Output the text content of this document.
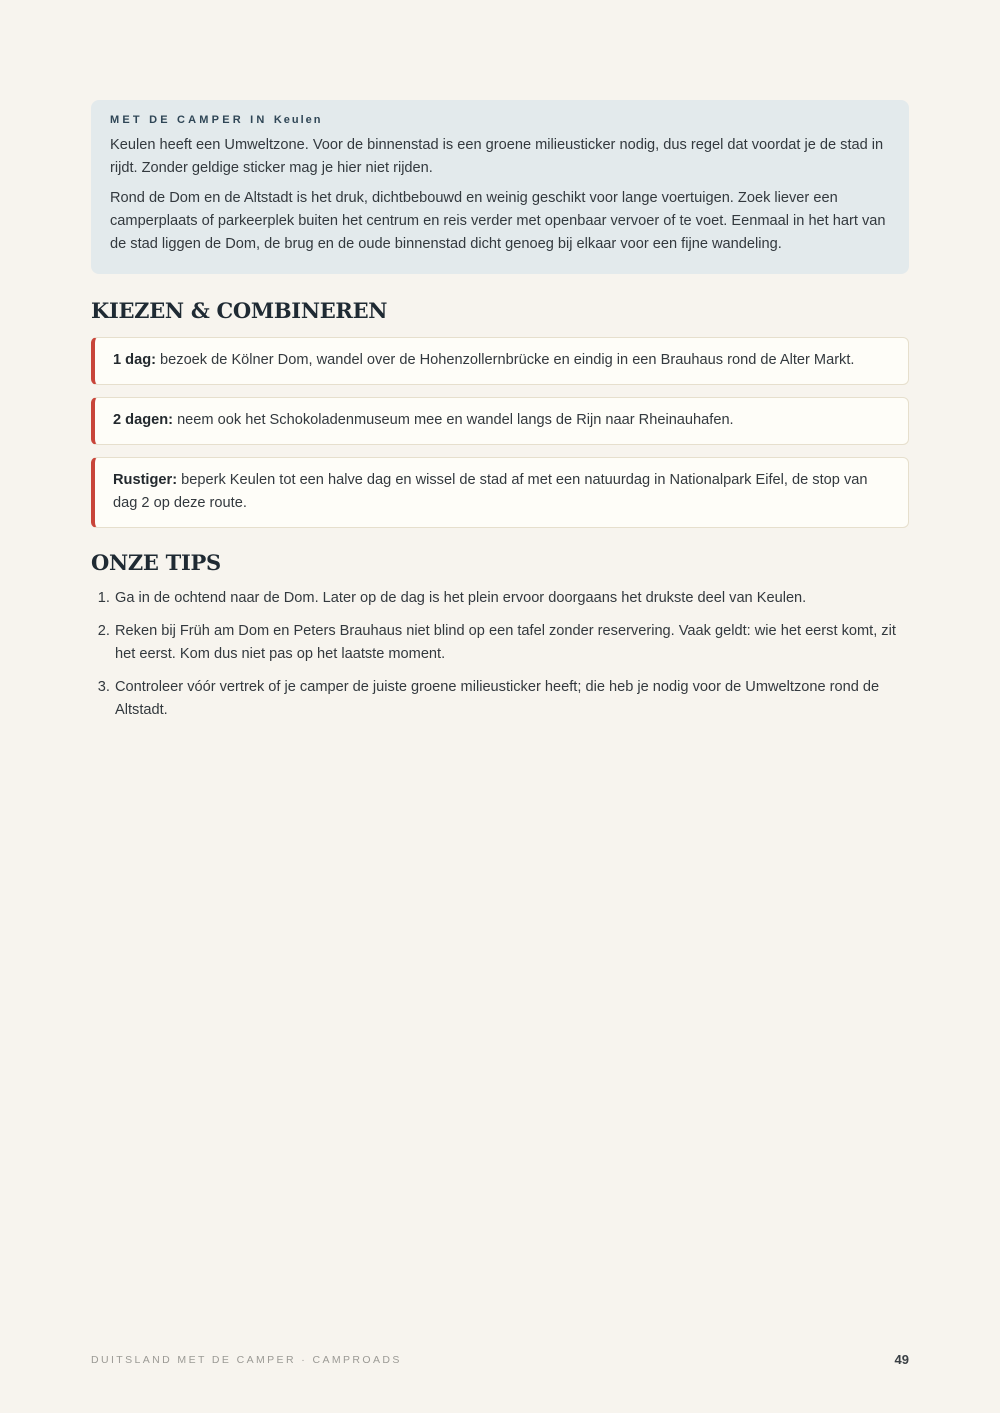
MET DE CAMPER IN Keulen

Keulen heeft een Umweltzone. Voor de binnenstad is een groene milieusticker nodig, dus regel dat voordat je de stad in rijdt. Zonder geldige sticker mag je hier niet rijden.

Rond de Dom en de Altstadt is het druk, dichtbebouwd en weinig geschikt voor lange voertuigen. Zoek liever een camperplaats of parkeerplek buiten het centrum en reis verder met openbaar vervoer of te voet. Eenmaal in het hart van de stad liggen de Dom, de brug en de oude binnenstad dicht genoeg bij elkaar voor een fijne wandeling.

KIEZEN & COMBINEREN
1 dag: bezoek de Kölner Dom, wandel over de Hohenzollernbrücke en eindig in een Brauhaus rond de Alter Markt.
2 dagen: neem ook het Schokoladenmuseum mee en wandel langs de Rijn naar Rheinauhafen.
Rustiger: beperk Keulen tot een halve dag en wissel de stad af met een natuurdag in Nationalpark Eifel, de stop van dag 2 op deze route.
ONZE TIPS
1. Ga in de ochtend naar de Dom. Later op de dag is het plein ervoor doorgaans het drukste deel van Keulen.
2. Reken bij Früh am Dom en Peters Brauhaus niet blind op een tafel zonder reservering. Vaak geldt: wie het eerst komt, zit het eerst. Kom dus niet pas op het laatste moment.
3. Controleer vóór vertrek of je camper de juiste groene milieusticker heeft; die heb je nodig voor de Umweltzone rond de Altstadt.
DUITSLAND MET DE CAMPER · CAMPROADS	49
